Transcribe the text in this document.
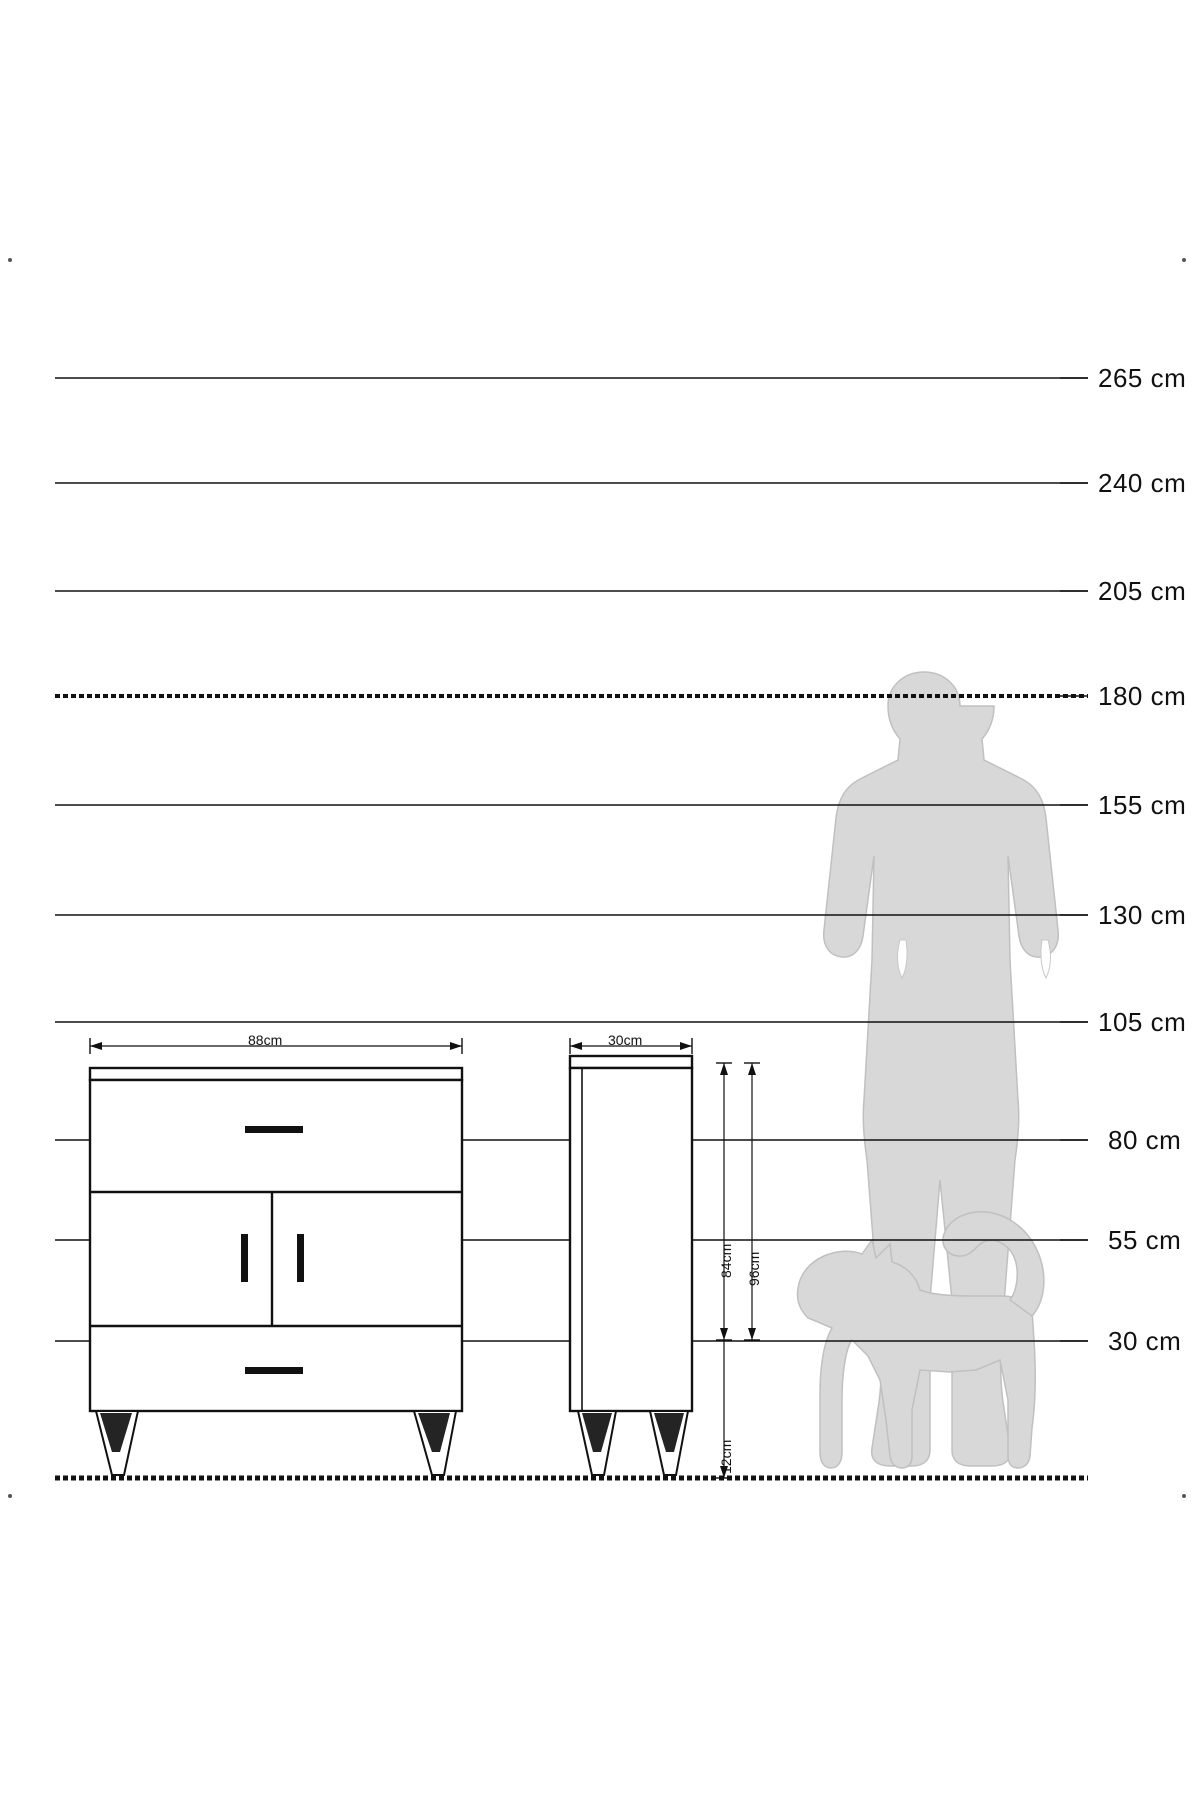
265 cm
240 cm
205 cm
180 cm
155 cm
130 cm
105 cm
80 cm
55 cm
30 cm
88cm	30cm
84cm 96cm
12cm
